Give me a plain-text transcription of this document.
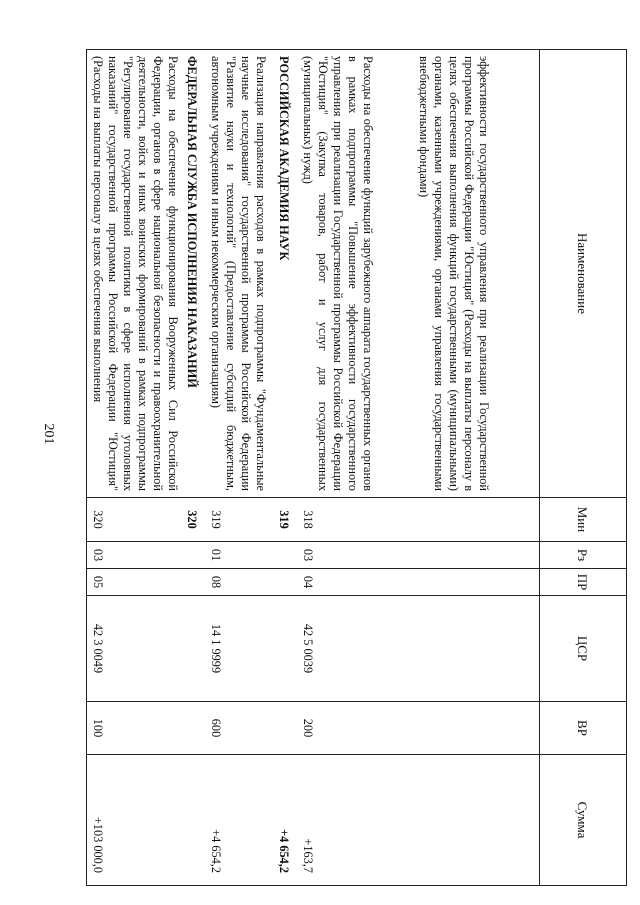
201
Наименование	Мин	Рз	ПР	ЦСР	ВР	Сумма
эффективности государственного управления при реализации Государственной программы Российской Федерации "Юстиция" (Расходы на выплаты персоналу в целях обеспечения выполнения функций государственными (муниципальными) органами, казенными учреждениями, органами управления государственными внебюджетными фондами)						
Расходы на обеспечение функций зарубежного аппарата государственных органов в рамках подпрограммы "Повышение эффективности государственного управления при реализации Государственной программы Российской Федерации "Юстиция" (Закупка товаров, работ и услуг для государственных (муниципальных) нужд)	318	03	04	42 5 0039	200	+163,7
РОССИЙСКАЯ АКАДЕМИЯ НАУК	319					+4 654,2
Реализация направления расходов в рамках подпрограммы "Фундаментальные научные исследования" государственной программы Российской Федерации "Развитие науки и технологий" (Предоставление субсидий бюджетным, автономным учреждениям и иным некоммерческим организациям)	319	01	08	14 1 9999	600	+4 654,2
ФЕДЕРАЛЬНАЯ СЛУЖБА ИСПОЛНЕНИЯ НАКАЗАНИЙ	320					
Расходы на обеспечение функционирования Вооруженных Сил Российской Федерации, органов в сфере национальной безопасности и правоохранительной деятельности, войск и иных воинских формирований в рамках подпрограммы "Регулирование государственной политики в сфере исполнения уголовных наказаний" государственной программы Российской Федерации "Юстиция" (Расходы на выплаты персоналу в целях обеспечения выполнения	320	03	05	42 3 0049	100	+103 000,0
